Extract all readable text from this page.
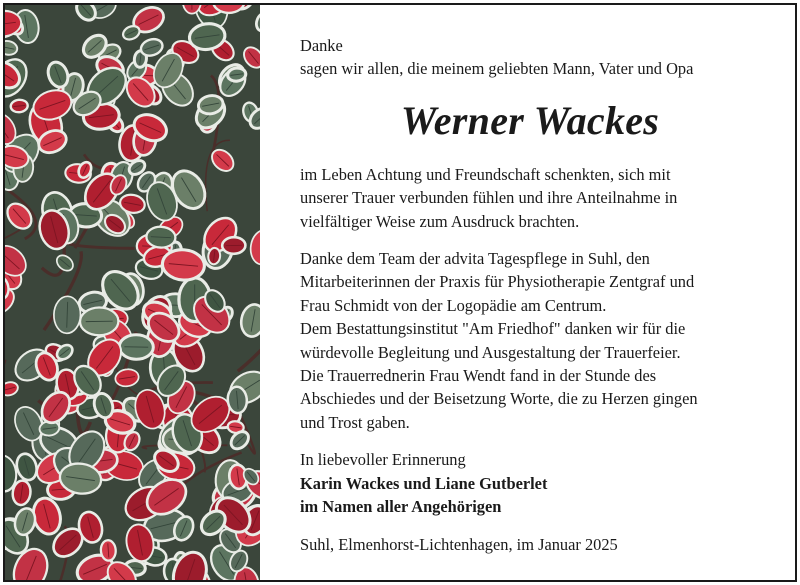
Danke

sagen wir allen, die meinem geliebten Mann, Vater und Opa

Werner Wackes

im Leben Achtung und Freundschaft schenkten, sich mit
unserer Trauer verbunden fühlen und ihre Anteilnahme in
vielfältiger Weise zum Ausdruck brachten.

Danke dem Team der advita Tagespflege in Suhl, den
Mitarbeiterinnen der Praxis für Physiotherapie Zentgraf und
Frau Schmidt von der Logopädie am Centrum.
Dem Bestattungsinstitut "Am Friedhof" danken wir für die
würdevolle Begleitung und Ausgestaltung der Trauerfeier.
Die Trauerrednerin Frau Wendt fand in der Stunde des
Abschiedes und der Beisetzung Worte, die zu Herzen gingen
und Trost gaben.

In liebevoller Erinnerung
Karin Wackes und Liane Gutberlet
im Namen aller Angehörigen

Suhl, Elmenhorst-Lichtenhagen, im Januar 2025
